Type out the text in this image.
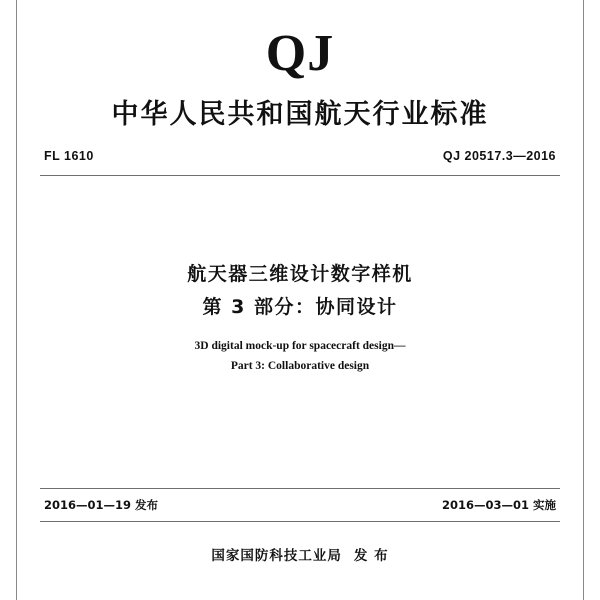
QJ
中华人民共和国航天行业标准
FL 1610	QJ 20517.3—2016
航天器三维设计数字样机
第 3 部分：协同设计
3D digital mock-up for spacecraft design—
Part 3: Collaborative design
2016—01—19 发布	2016—03—01 实施
国家国防科技工业局 发 布
